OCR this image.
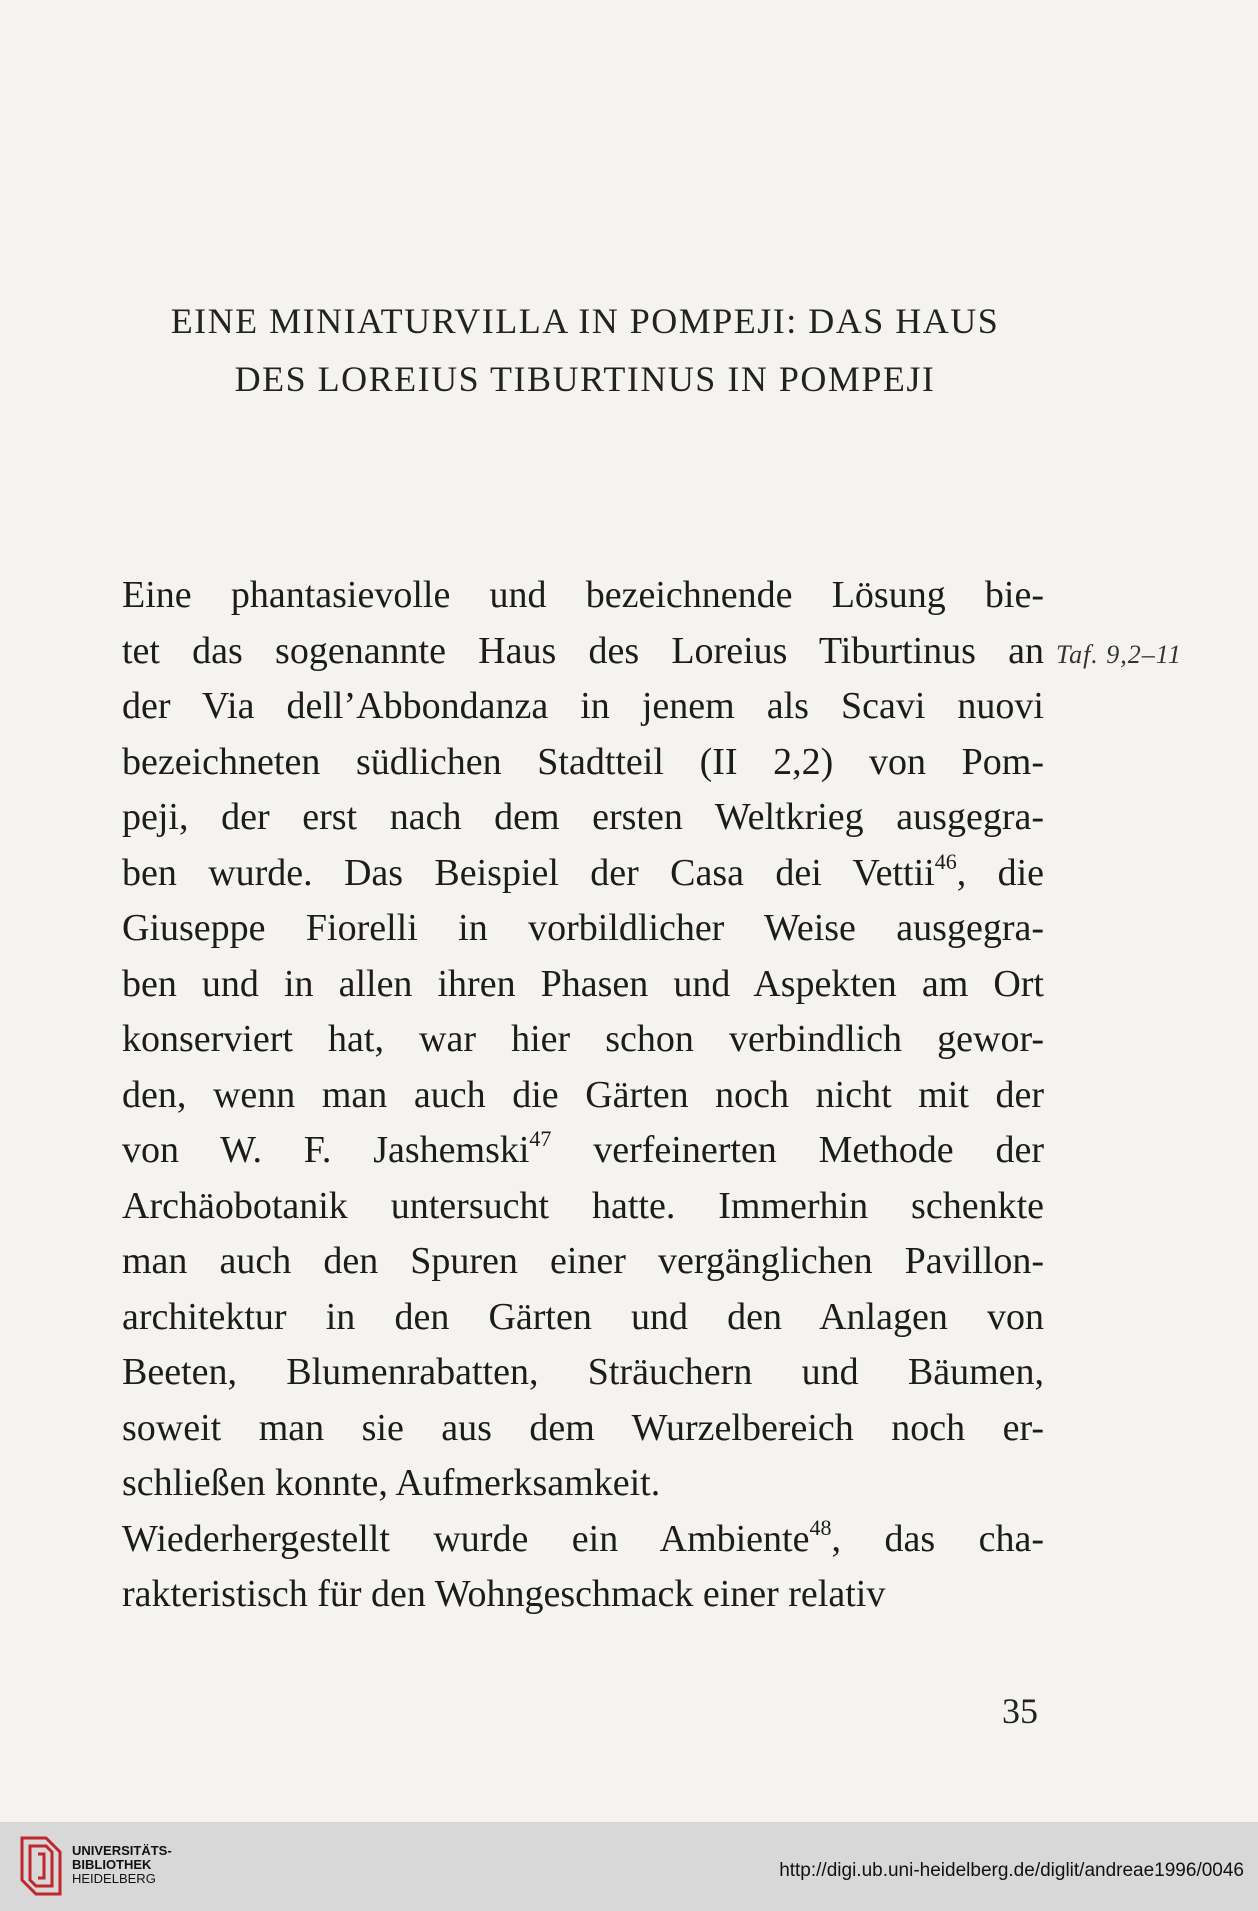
EINE MINIATURVILLA IN POMPEJI: DAS HAUS
DES LOREIUS TIBURTINUS IN POMPEJI
Taf. 9,2–11
Eine phantasievolle und bezeichnende Lösung bie-
tet das sogenannte Haus des Loreius Tiburtinus an
der Via dell’Abbondanza in jenem als Scavi nuovi
bezeichneten südlichen Stadtteil (II 2,2) von Pom-
peji, der erst nach dem ersten Weltkrieg ausgegra-
ben wurde. Das Beispiel der Casa dei Vettii$^{46}$, die
Giuseppe Fiorelli in vorbildlicher Weise ausgegra-
ben und in allen ihren Phasen und Aspekten am Ort
konserviert hat, war hier schon verbindlich gewor-
den, wenn man auch die Gärten noch nicht mit der
von W. F. Jashemski$^{47}$ verfeinerten Methode der
Archäobotanik untersucht hatte. Immerhin schenkte
man auch den Spuren einer vergänglichen Pavillon-
architektur in den Gärten und den Anlagen von
Beeten, Blumenrabatten, Sträuchern und Bäumen,
soweit man sie aus dem Wurzelbereich noch er-
schließen konnte, Aufmerksamkeit.
Wiederhergestellt wurde ein Ambiente$^{48}$, das cha-
rakteristisch für den Wohngeschmack einer relativ
35
UNIVERSITÄTS-
BIBLIOTHEK
HEIDELBERG	http://digi.ub.uni-heidelberg.de/diglit/andreae1996/0046
